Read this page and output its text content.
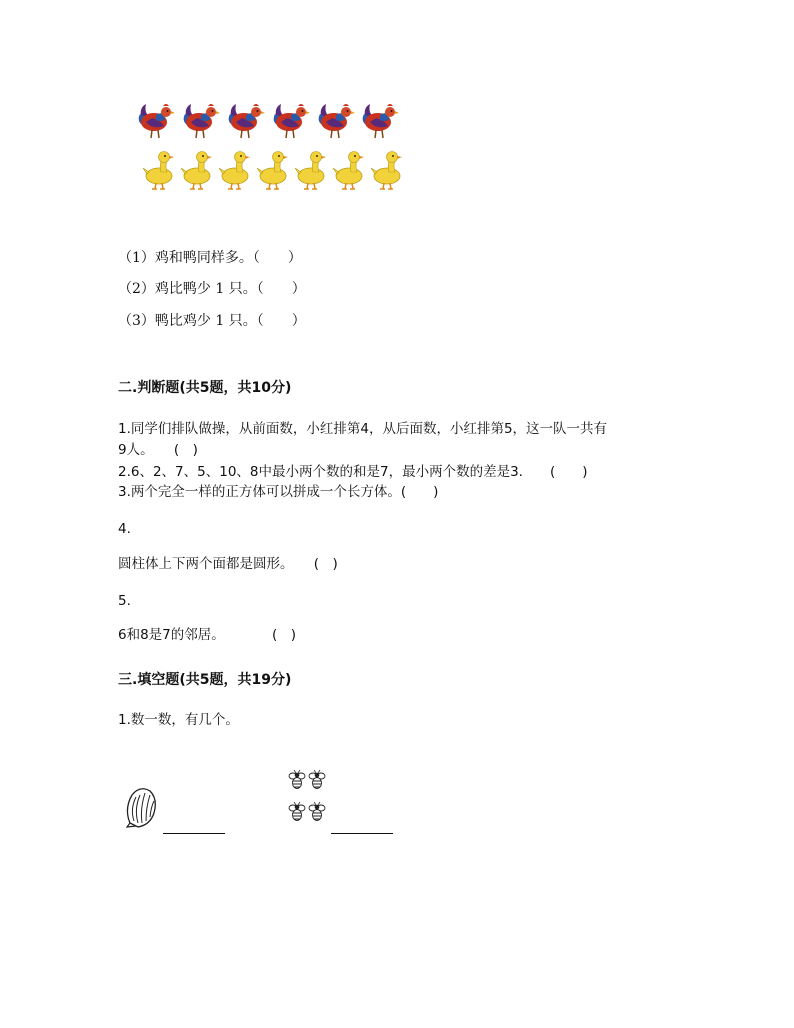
（1）鸡和鸭同样多。（　　）
（2）鸡比鸭少 1 只。（　　）
（3）鸭比鸡少 1 只。（　　）
二.判断题(共5题，共10分)
1.同学们排队做操，从前面数，小红排第4，从后面数，小红排第5，这一队一共有
9人。　　(　)
2.6、2、7、5、10、8中最小两个数的和是7，最小两个数的差是3.　　(　　)
3.两个完全一样的正方体可以拼成一个长方体。(　　)
4.
圆柱体上下两个面都是圆形。　　(　)
5.
6和8是7的邻居。　　　　(　)
三.填空题(共5题，共19分)
1.数一数，有几个。
